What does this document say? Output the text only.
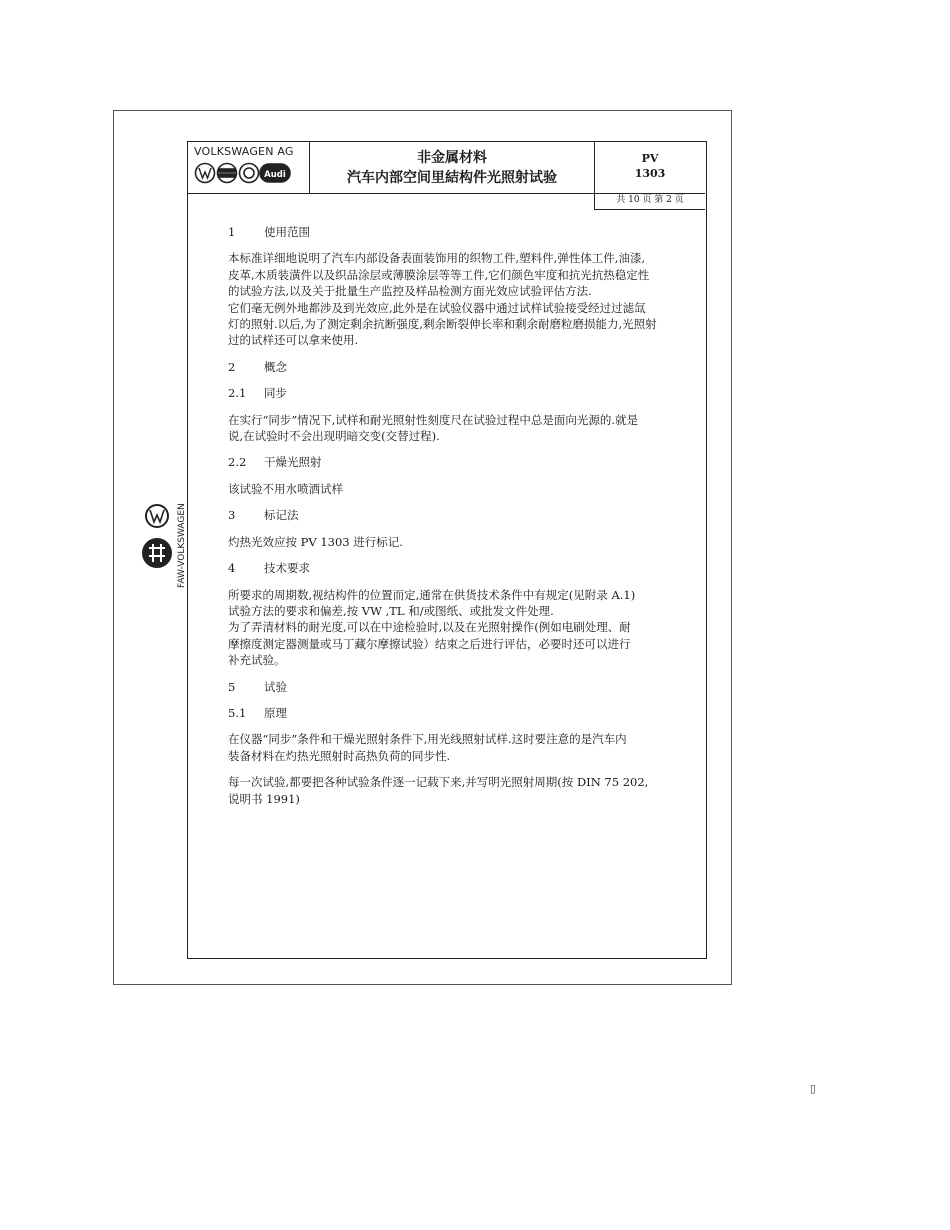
VOLKSWAGEN AG
Audi
非金属材料
汽车内部空间里結构件光照射试验
PV
1303
共 10 页 第 2 页
FAW-VOLKSWAGEN
1 使用范围
本标准详细地说明了汽车内部设备表面装饰用的织物工件,塑料件,弹性体工件,油漆,
皮革,木质装潢件以及织品涂层或薄膜涂层等等工件,它们颜色牢度和抗光抗热稳定性
的试验方法,以及关于批量生产监控及样品检测方面光效应试验评估方法.
它们毫无例外地都涉及到光效应,此外是在试验仪器中通过试样试验接受经过过滤氙
灯的照射.以后,为了测定剩余抗断强度,剩余断裂伸长率和剩余耐磨粒磨损能力,光照射
过的试样还可以拿来使用.
2 概念
2.1 同步
在实行“同步”情况下,试样和耐光照射性刻度尺在试验过程中总是面向光源的.就是
说,在试验时不会出现明暗交变(交替过程).
2.2 干燥光照射
该试验不用水喷洒试样
3 标记法
灼热光效应按 PV 1303 进行标记.
4 技术要求
所要求的周期数,视结构件的位置而定,通常在供货技术条件中有规定(见附录 A.1)
试验方法的要求和偏差,按 VW ,TL 和/或图纸、或批发文件处理.
为了弄清材料的耐光度,可以在中途检验时,以及在光照射操作(例如电刷处理、耐
摩擦度测定器测量或马丁藏尔摩擦试验）结束之后进行评估，必要时还可以进行
补充试验。
5 试验
5.1 原理
在仪器“同步”条件和干燥光照射条件下,用光线照射试样.这时要注意的是汽车内
装备材料在灼热光照射时高热负荷的同步性.
每一次试验,都要把各种试验条件逐一记载下来,并写明光照射周期(按 DIN 75 202,
说明书 1991)
▯
